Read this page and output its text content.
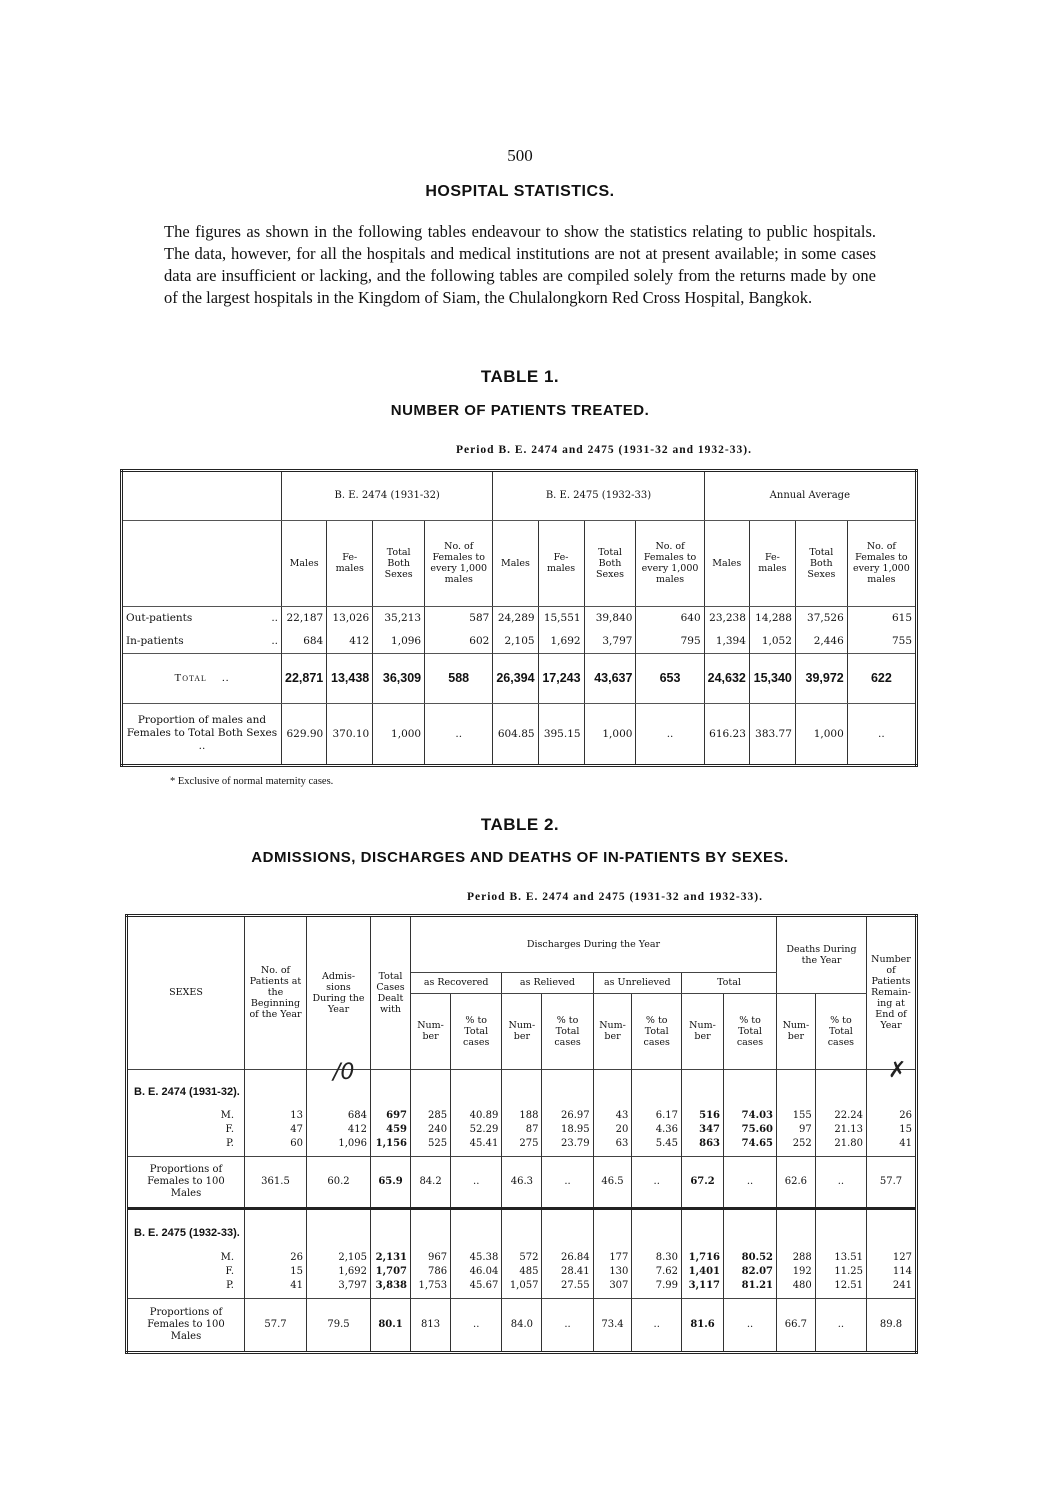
500
HOSPITAL STATISTICS.
The figures as shown in the following tables endeavour to show the statistics relating to public hospitals. The data, however, for all the hospitals and medical institutions are not at present available; in some cases data are insufficient or lacking, and the following tables are compiled solely from the returns made by one of the largest hospitals in the Kingdom of Siam, the Chulalongkorn Red Cross Hospital, Bangkok.
TABLE 1.
NUMBER OF PATIENTS TREATED.
Period B. E. 2474 and 2475 (1931-32 and 1932-33).
	B. E. 2474 (1931-32)				B. E. 2475 (1932-33)				Annual Average			
	Males	Fe-males	Total Both Sexes	No. of Females to every 1,000 males	Males	Fe-males	Total Both Sexes	No. of Females to every 1,000 males	Males	Fe-males	Total Both Sexes	No. of Females to every 1,000 males
Out-patients ..	22,187	13,026	35,213	587	24,289	15,551	39,840	640	23,238	14,288	37,526	615
In-patients ..	684	412	1,096	602	2,105	1,692	3,797	795	1,394	1,052	2,446	755
Total ..	22,871	13,438	36,309	588	26,394	17,243	43,637	653	24,632	15,340	39,972	622
Proportion of males and Females to Total Both Sexes ..	629.90	370.10	1,000	..	604.85	395.15	1,000	..	616.23	383.77	1,000	..
* Exclusive of normal maternity cases.
TABLE 2.
ADMISSIONS, DISCHARGES AND DEATHS OF IN-PATIENTS BY SEXES.
Period B. E. 2474 and 2475 (1931-32 and 1932-33).
SEXES	No. of Patients at the Beginning of the Year	Admis-sions During the Year	Total Cases Dealt with	Discharges During the Year								Deaths During the Year		Number of Patients Remain-ing at End of Year
				as Recovered		as Relieved		as Unrelieved		Total				
				Num-ber	% to Total cases	Num-ber	% to Total cases	Num-ber	% to Total cases	Num-ber	% to Total cases	Num-ber	% to Total cases	
B. E. 2474 (1931-32).														
M.	13	684	697	285	40.89	188	26.97	43	6.17	516	74.03	155	22.24	26
F.	47	412	459	240	52.29	87	18.95	20	4.36	347	75.60	97	21.13	15
P.	60	1,096	1,156	525	45.41	275	23.79	63	5.45	863	74.65	252	21.80	41

Proportions of Females to 100 Males	361.5	60.2	65.9	84.2	..	46.3	..	46.5	..	67.2	..	62.6	..	57.7
B. E. 2475 (1932-33).														
M.	26	2,105	2,131	967	45.38	572	26.84	177	8.30	1,716	80.52	288	13.51	127
F.	15	1,692	1,707	786	46.04	485	28.41	130	7.62	1,401	82.07	192	11.25	114
P.	41	3,797	3,838	1,753	45.67	1,057	27.55	307	7.99	3,117	81.21	480	12.51	241

Proportions of Females to 100 Males	57.7	79.5	80.1	813	..	84.0	..	73.4	..	81.6	..	66.7	..	89.8
/0	✗
